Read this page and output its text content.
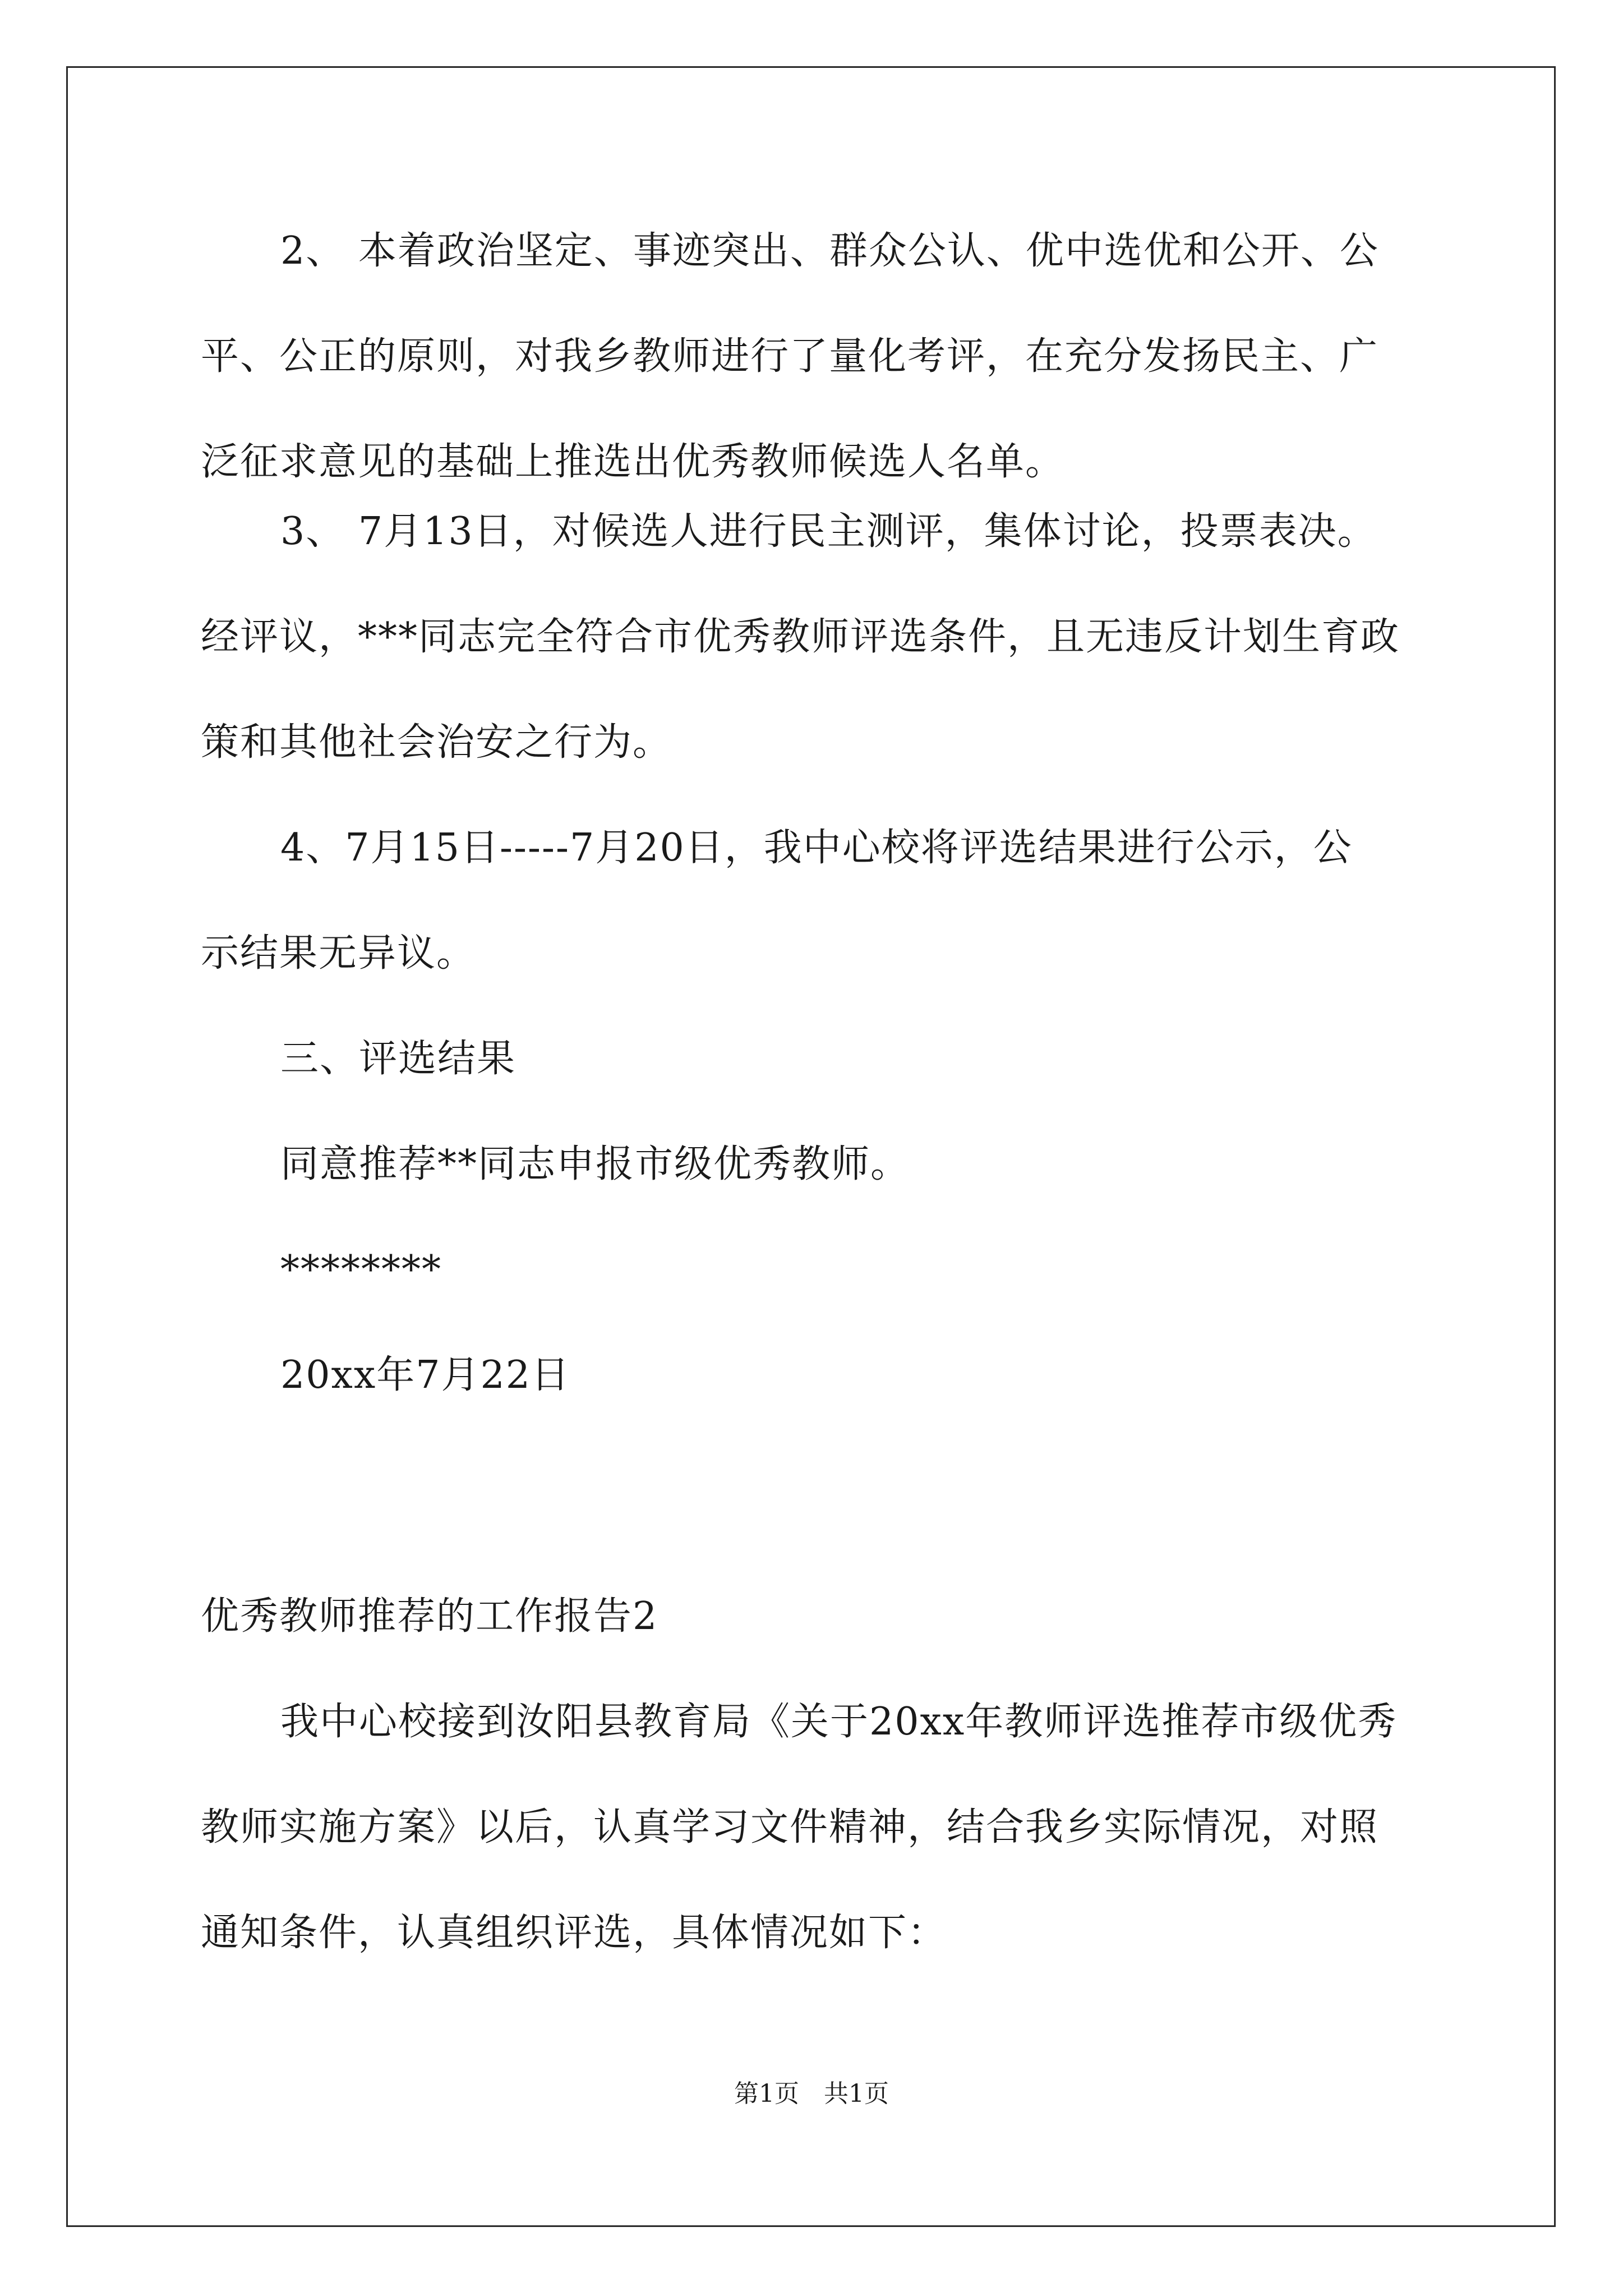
2、 本着政治坚定、事迹突出、群众公认、优中选优和公开、公
平、公正的原则，对我乡教师进行了量化考评，在充分发扬民主、广
泛征求意见的基础上推选出优秀教师候选人名单。
3、 7月13日，对候选人进行民主测评，集体讨论，投票表决。
经评议，***同志完全符合市优秀教师评选条件，且无违反计划生育政
策和其他社会治安之行为。
4、7月15日-----7月20日，我中心校将评选结果进行公示，公
示结果无异议。
三、评选结果
同意推荐**同志申报市级优秀教师。
********
20xx年7月22日
优秀教师推荐的工作报告2
我中心校接到汝阳县教育局《关于20xx年教师评选推荐市级优秀
教师实施方案》以后，认真学习文件精神，结合我乡实际情况，对照
通知条件，认真组织评选，具体情况如下：
第1页　共1页
